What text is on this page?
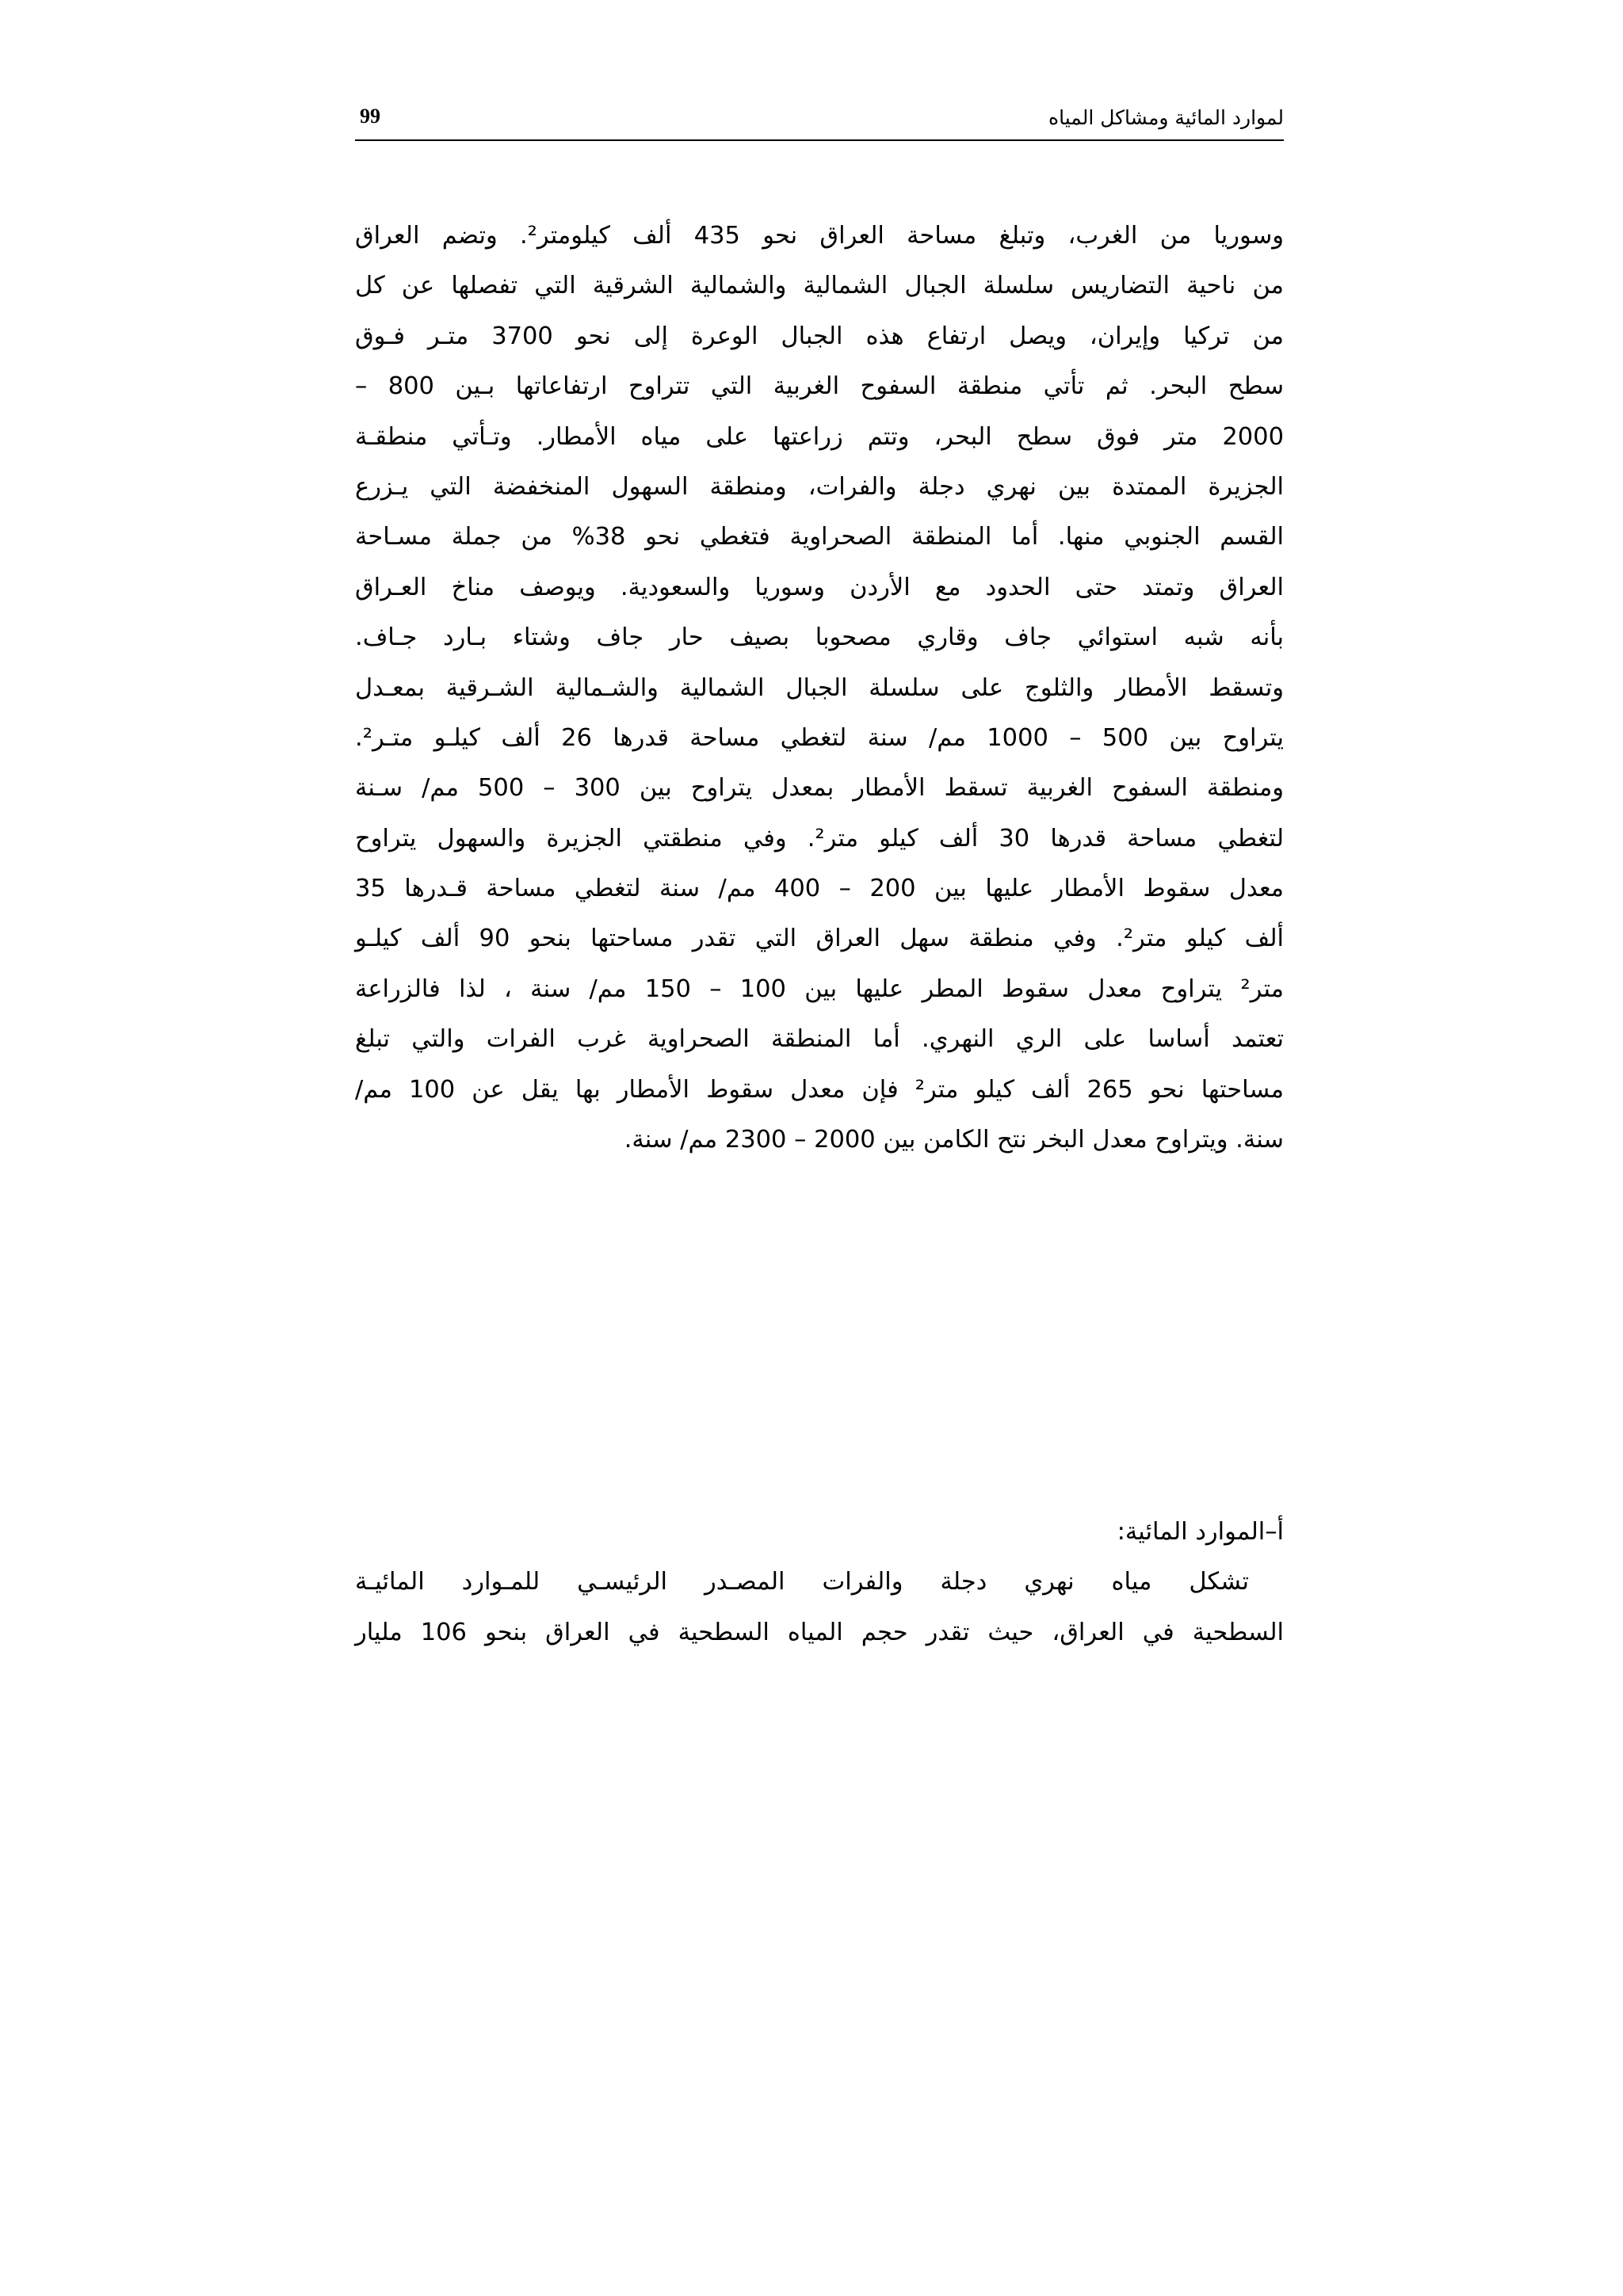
لموارد المائية ومشاكل المياه
99
وسوريا من الغرب، وتبلغ مساحة العراق نحو 435 ألف كيلومتر². وتضم العراق
من ناحية التضاريس سلسلة الجبال الشمالية والشمالية الشرقية التي تفصلها عن كل
من تركيا وإيران، ويصل ارتفاع هذه الجبال الوعرة إلى نحو 3700 متـر فـوق
سطح البحر. ثم تأتي منطقة السفوح الغربية التي تتراوح ارتفاعاتها بـين 800 –
2000 متر فوق سطح البحر، وتتم زراعتها على مياه الأمطار. وتـأتي منطقـة
الجزيرة الممتدة بين نهري دجلة والفرات، ومنطقة السهول المنخفضة التي يـزرع
القسم الجنوبي منها. أما المنطقة الصحراوية فتغطي نحو 38% من جملة مسـاحة
العراق وتمتد حتى الحدود مع الأردن وسوريا والسعودية. ويوصف مناخ العـراق
بأنه شبه استوائي جاف وقاري مصحوبا بصيف حار جاف وشتاء بـارد جـاف.
وتسقط الأمطار والثلوج على سلسلة الجبال الشمالية والشـمالية الشـرقية بمعـدل
يتراوح بين 500 – 1000 مم/ سنة لتغطي مساحة قدرها 26 ألف كيلـو متـر².
ومنطقة السفوح الغربية تسقط الأمطار بمعدل يتراوح بين 300 – 500 مم/ سـنة
لتغطي مساحة قدرها 30 ألف كيلو متر². وفي منطقتي الجزيرة والسهول يتراوح
معدل سقوط الأمطار عليها بين 200 – 400 مم/ سنة لتغطي مساحة قـدرها 35
ألف كيلو متر². وفي منطقة سهل العراق التي تقدر مساحتها بنحو 90 ألف كيلـو
متر² يتراوح معدل سقوط المطر عليها بين 100 – 150 مم/ سنة ، لذا فالزراعة
تعتمد أساسا على الري النهري. أما المنطقة الصحراوية غرب الفرات والتي تبلغ
مساحتها نحو 265 ألف كيلو متر² فإن معدل سقوط الأمطار بها يقل عن 100 مم/
سنة. ويتراوح معدل البخر نتح الكامن بين 2000 – 2300 مم/ سنة.
أ–الموارد المائية:
تشكل مياه نهري دجلة والفرات المصـدر الرئيسـي للمـوارد المائيـة
السطحية في العراق، حيث تقدر حجم المياه السطحية في العراق بنحو 106 مليار
